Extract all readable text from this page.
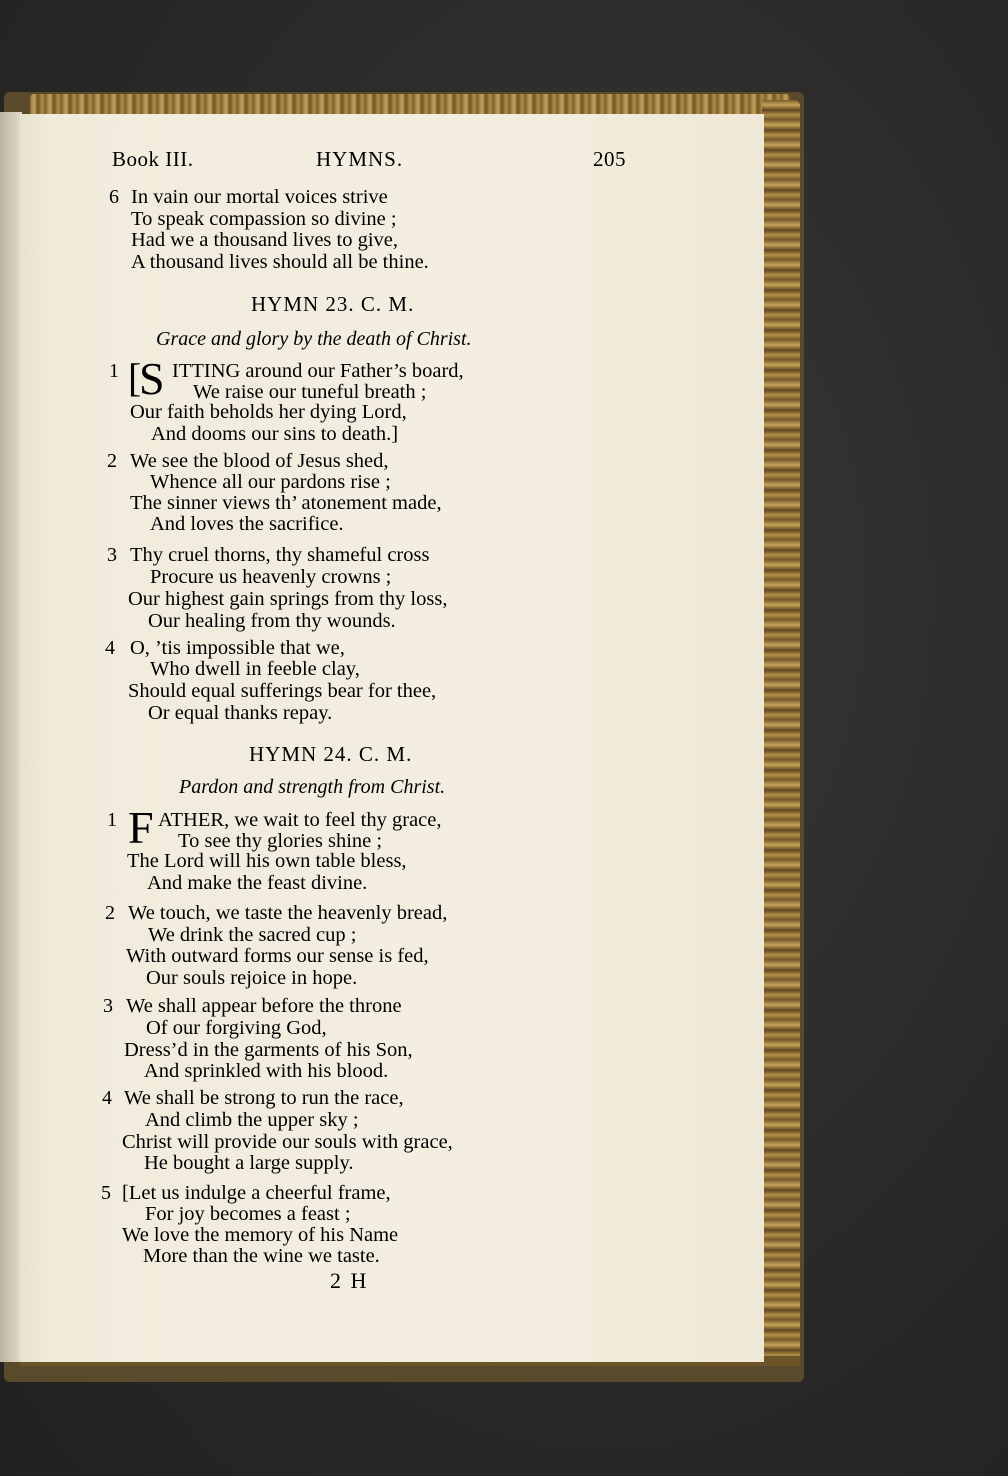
Book III.	HYMNS.	205
6 In vain our mortal voices strive
To speak compassion so divine ;
Had we a thousand lives to give,
A thousand lives should all be thine.
HYMN 23. C. M.
Grace and glory by the death of Christ.
1 [
S ITTING around our Father’s board,
We raise our tuneful breath ;
Our faith beholds her dying Lord,
And dooms our sins to death.]
2 We see the blood of Jesus shed,
Whence all our pardons rise ;
The sinner views th’ atonement made,
And loves the sacrifice.
3 Thy cruel thorns, thy shameful cross
Procure us heavenly crowns ;
Our highest gain springs from thy loss,
Our healing from thy wounds.
4 O, ’tis impossible that we,
Who dwell in feeble clay,
Should equal sufferings bear for thee,
Or equal thanks repay.
HYMN 24. C. M.
Pardon and strength from Christ.
1 F ATHER, we wait to feel thy grace,
To see thy glories shine ;
The Lord will his own table bless,
And make the feast divine.
2 We touch, we taste the heavenly bread,
We drink the sacred cup ;
With outward forms our sense is fed,
Our souls rejoice in hope.
3 We shall appear before the throne
Of our forgiving God,
Dress’d in the garments of his Son,
And sprinkled with his blood.
4 We shall be strong to run the race,
And climb the upper sky ;
Christ will provide our souls with grace,
He bought a large supply.
5 [Let us indulge a cheerful frame,
For joy becomes a feast ;
We love the memory of his Name
More than the wine we taste.
2 H
